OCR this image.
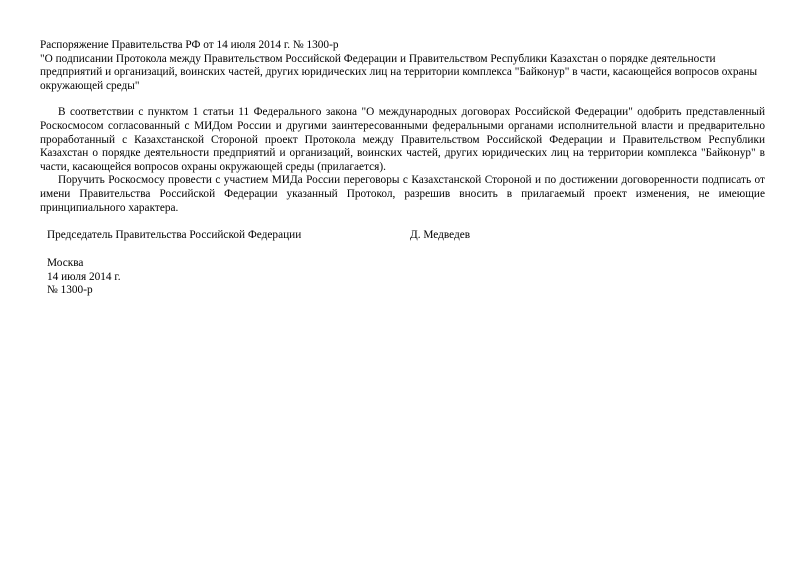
Распоряжение Правительства РФ от 14 июля 2014 г. № 1300-р

"О подписании Протокола между Правительством Российской Федерации и Правительством Республики Казахстан о порядке деятельности предприятий и организаций, воинских частей, других юридических лиц на территории комплекса "Байконур" в части, касающейся вопросов охраны окружающей среды"

В соответствии с пунктом 1 статьи 11 Федерального закона "О международных договорах Российской Федерации" одобрить представленный Роскосмосом согласованный с МИДом России и другими заинтересованными федеральными органами исполнительной власти и предварительно проработанный с Казахстанской Стороной проект Протокола между Правительством Российской Федерации и Правительством Республики Казахстан о порядке деятельности предприятий и организаций, воинских частей, других юридических лиц на территории комплекса "Байконур" в части, касающейся вопросов охраны окружающей среды (прилагается).

Поручить Роскосмосу провести с участием МИДа России переговоры с Казахстанской Стороной и по достижении договоренности подписать от имени Правительства Российской Федерации указанный Протокол, разрешив вносить в прилагаемый проект изменения, не имеющие принципиального характера.

Председатель Правительства Российской Федерации	Д. Медведев
Москва
14 июля 2014 г.
№ 1300-р
